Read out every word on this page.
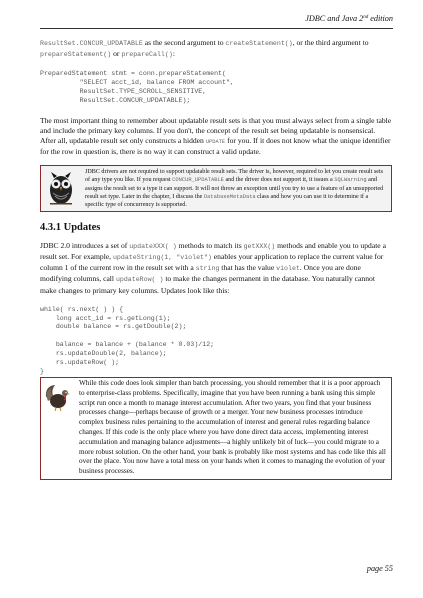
JDBC and Java 2nd edition

ResultSet.CONCUR_UPDATABLE as the second argument to createStatement(), or the third argument to prepareStatement() or prepareCall():

PreparedStatement stmt = conn.prepareStatement(
"SELECT acct_id, balance FROM account",
ResultSet.TYPE_SCROLL_SENSITIVE,
ResultSet.CONCUR_UPDATABLE);

The most important thing to remember about updatable result sets is that you must always select from a single table and include the primary key columns. If you don't, the concept of the result set being updatable is nonsensical. After all, updatable result set only constructs a hidden UPDATE for you. If it does not know what the unique identifier for the row in question is, there is no way it can construct a valid update.

JDBC drivers are not required to support updatable result sets. The driver is, however, required to let you create result sets of any type you like. If you request CONCUR_UPDATABLE and the driver does not support it, it issues a SQLWarning and assigns the result set to a type it can support. It will not throw an exception until you try to use a feature of an unsupported result set type. Later in the chapter, I discuss the DatabaseMetaData class and how you can use it to determine if a specific type of concurrency is supported.

4.3.1 Updates

JDBC 2.0 introduces a set of updateXXX( ) methods to match its getXXX() methods and enable you to update a result set. For example, updateString(1, "violet") enables your application to replace the current value for column 1 of the current row in the result set with a string that has the value violet. Once you are done modifying columns, call updateRow( ) to make the changes permanent in the database. You naturally cannot make changes to primary key columns. Updates look like this:

while( rs.next( ) ) {
long acct_id = rs.getLong(1);
double balance = rs.getDouble(2);

balance = balance + (balance * 0.03)/12;
rs.updateDouble(2, balance);
rs.updateRow( );
}

While this code does look simpler than batch processing, you should remember that it is a poor approach to enterprise-class problems. Specifically, imagine that you have been running a bank using this simple script run once a month to manage interest accumulation. After two years, you find that your business processes change—perhaps because of growth or a merger. Your new business processes introduce complex business rules pertaining to the accumulation of interest and general rules regarding balance changes. If this code is the only place where you have done direct data access, implementing interest accumulation and managing balance adjustments—a highly unlikely bit of luck—you could migrate to a more robust solution. On the other hand, your bank is probably like most systems and has code like this all over the place. You now have a total mess on your hands when it comes to managing the evolution of your business processes.

page 55
